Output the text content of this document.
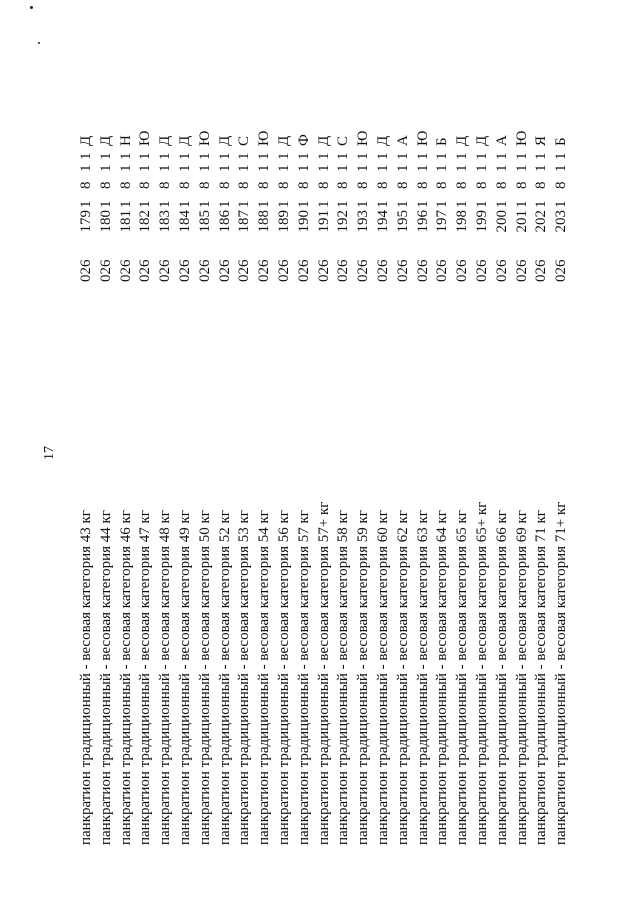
17
панкратион традиционный - весовая категория 43 кг
026
179
1
8
1
1
Д
панкратион традиционный - весовая категория 44 кг
026
180
1
8
1
1
Д
панкратион традиционный - весовая категория 46 кг
026
181
1
8
1
1
Н
панкратион традиционный - весовая категория 47 кг
026
182
1
8
1
1
Ю
панкратион традиционный - весовая категория 48 кг
026
183
1
8
1
1
Д
панкратион традиционный - весовая категория 49 кг
026
184
1
8
1
1
Д
панкратион традиционный - весовая категория 50 кг
026
185
1
8
1
1
Ю
панкратион традиционный - весовая категория 52 кг
026
186
1
8
1
1
Д
панкратион традиционный - весовая категория 53 кг
026
187
1
8
1
1
С
панкратион традиционный - весовая категория 54 кг
026
188
1
8
1
1
Ю
панкратион традиционный - весовая категория 56 кг
026
189
1
8
1
1
Д
панкратион традиционный - весовая категория 57 кг
026
190
1
8
1
1
Ф
панкратион традиционный - весовая категория 57+ кг
026
191
1
8
1
1
Д
панкратион традиционный - весовая категория 58 кг
026
192
1
8
1
1
С
панкратион традиционный - весовая категория 59 кг
026
193
1
8
1
1
Ю
панкратион традиционный - весовая категория 60 кг
026
194
1
8
1
1
Д
панкратион традиционный - весовая категория 62 кг
026
195
1
8
1
1
А
панкратион традиционный - весовая категория 63 кг
026
196
1
8
1
1
Ю
панкратион традиционный - весовая категория 64 кг
026
197
1
8
1
1
Б
панкратион традиционный - весовая категория 65 кг
026
198
1
8
1
1
Д
панкратион традиционный - весовая категория 65+ кг
026
199
1
8
1
1
Д
панкратион традиционный - весовая категория 66 кг
026
200
1
8
1
1
А
панкратион традиционный - весовая категория 69 кг
026
201
1
8
1
1
Ю
панкратион традиционный - весовая категория 71 кг
026
202
1
8
1
1
Я
панкратион традиционный - весовая категория 71+ кг
026
203
1
8
1
1
Б
